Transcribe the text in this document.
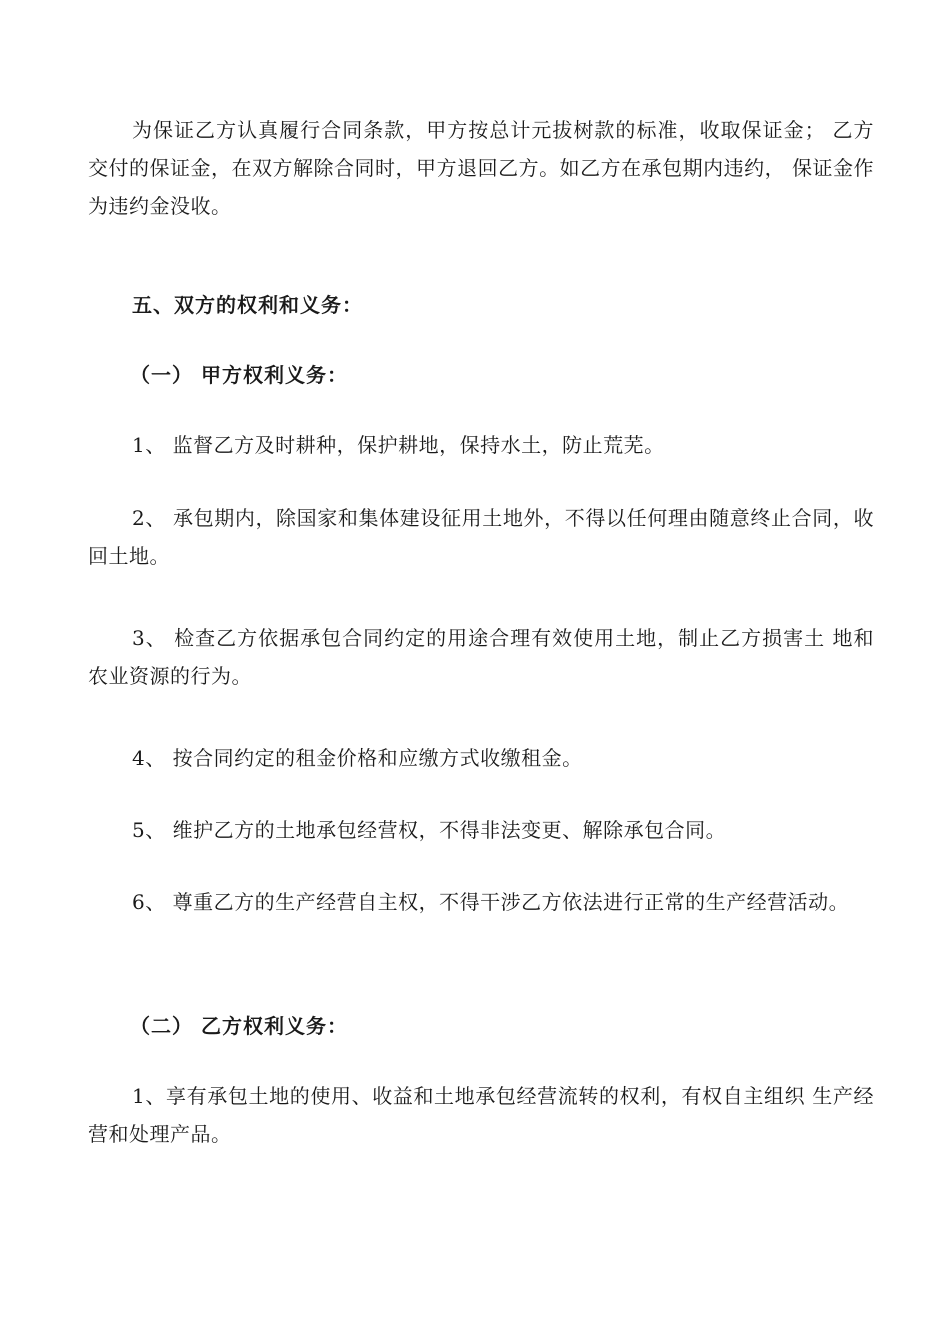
为保证乙方认真履行合同条款，甲方按总计元拔树款的标准，收取保证金； 乙方交付的保证金，在双方解除合同时，甲方退回乙方。如乙方在承包期内违约， 保证金作为违约金没收。

五、双方的权利和义务：

（一） 甲方权利义务：

1、 监督乙方及时耕种，保护耕地，保持水土，防止荒芜。

2、 承包期内，除国家和集体建设征用土地外，不得以任何理由随意终止合同，收回土地。

3、 检查乙方依据承包合同约定的用途合理有效使用土地，制止乙方损害土 地和农业资源的行为。

4、 按合同约定的租金价格和应缴方式收缴租金。

5、 维护乙方的土地承包经营权，不得非法变更、解除承包合同。

6、 尊重乙方的生产经营自主权，不得干涉乙方依法进行正常的生产经营活动。

（二） 乙方权利义务：

1、享有承包土地的使用、收益和土地承包经营流转的权利，有权自主组织 生产经营和处理产品。
